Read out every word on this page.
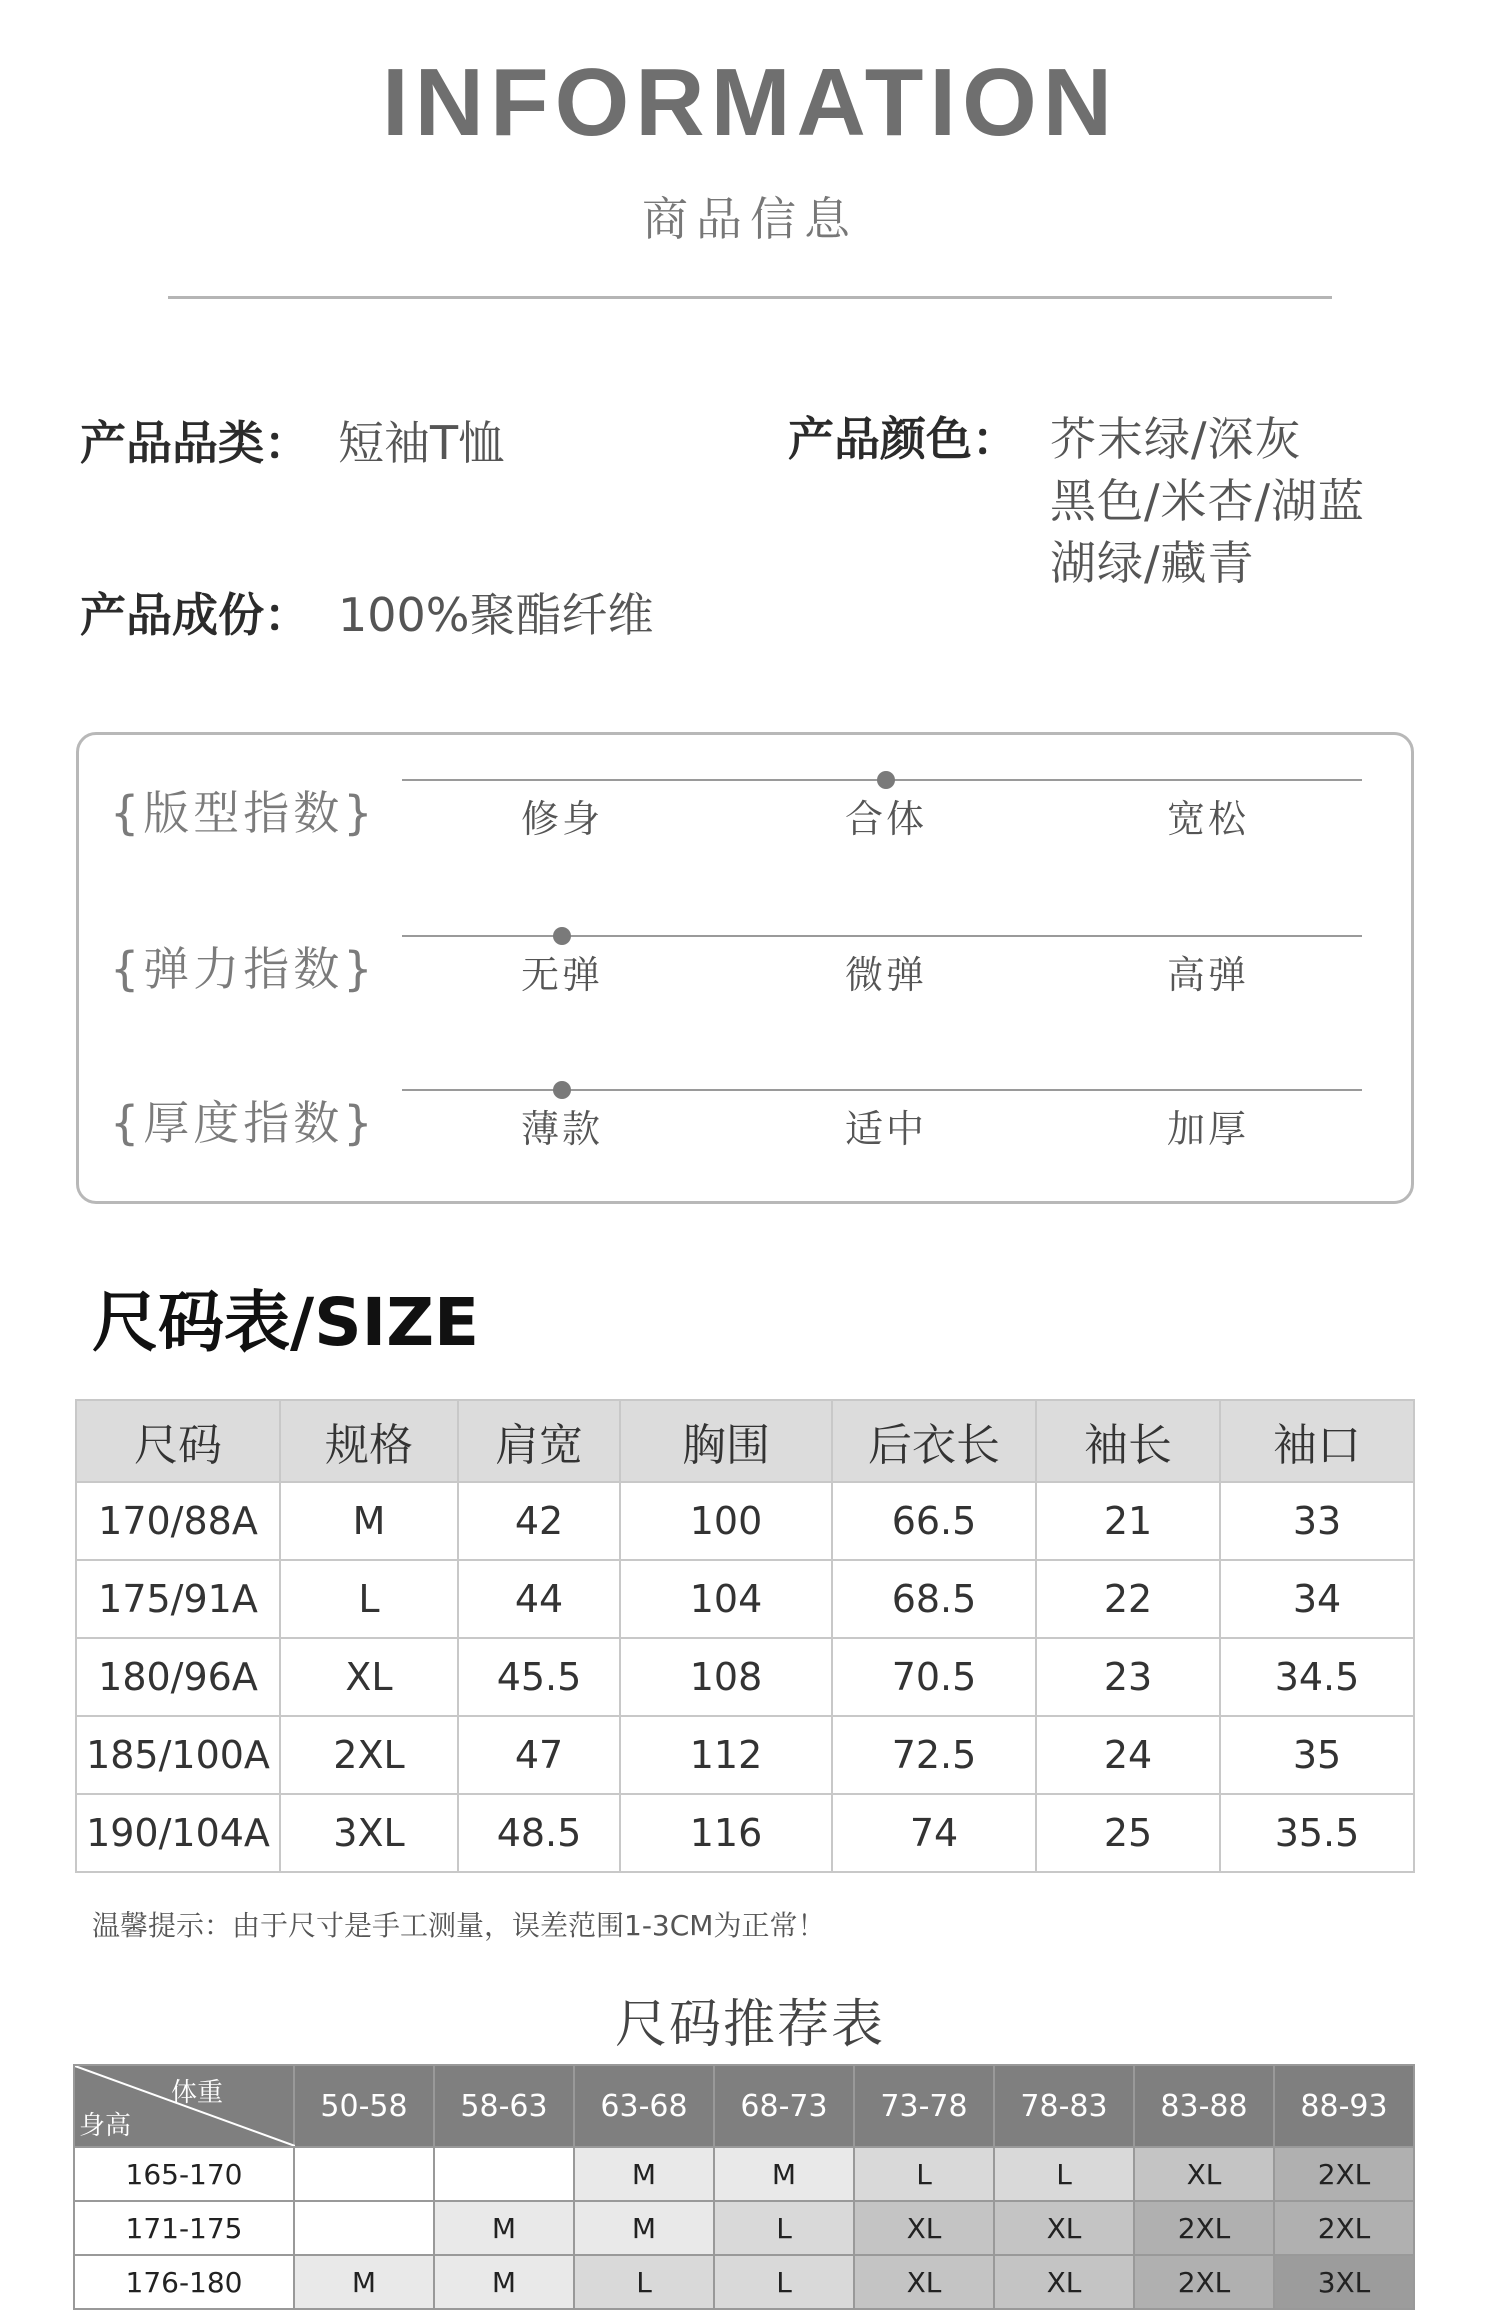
INFORMATION
商品信息
产品品类： 短袖T恤
产品成份： 100%聚酯纤维
产品颜色： 芥末绿/深灰
黑色/米杏/湖蓝
湖绿/藏青
{版型指数}	修身	合体	宽松
{弹力指数}	无弹	微弹	高弹
{厚度指数}	薄款	适中	加厚
尺码表/SIZE
尺码	规格	肩宽	胸围	后衣长	袖长	袖口
170/88A	M	42	100	66.5	21	33
175/91A	L	44	104	68.5	22	34
180/96A	XL	45.5	108	70.5	23	34.5
185/100A	2XL	47	112	72.5	24	35
190/104A	3XL	48.5	116	74	25	35.5
温馨提示：由于尺寸是手工测量，误差范围1-3CM为正常！
尺码推荐表
体重
身高	50-58	58-63	63-68	68-73	73-78	78-83	83-88	88-93
165-170			M	M	L	L	XL	2XL
171-175		M	M	L	XL	XL	2XL	2XL
176-180	M	M	L	L	XL	XL	2XL	3XL
